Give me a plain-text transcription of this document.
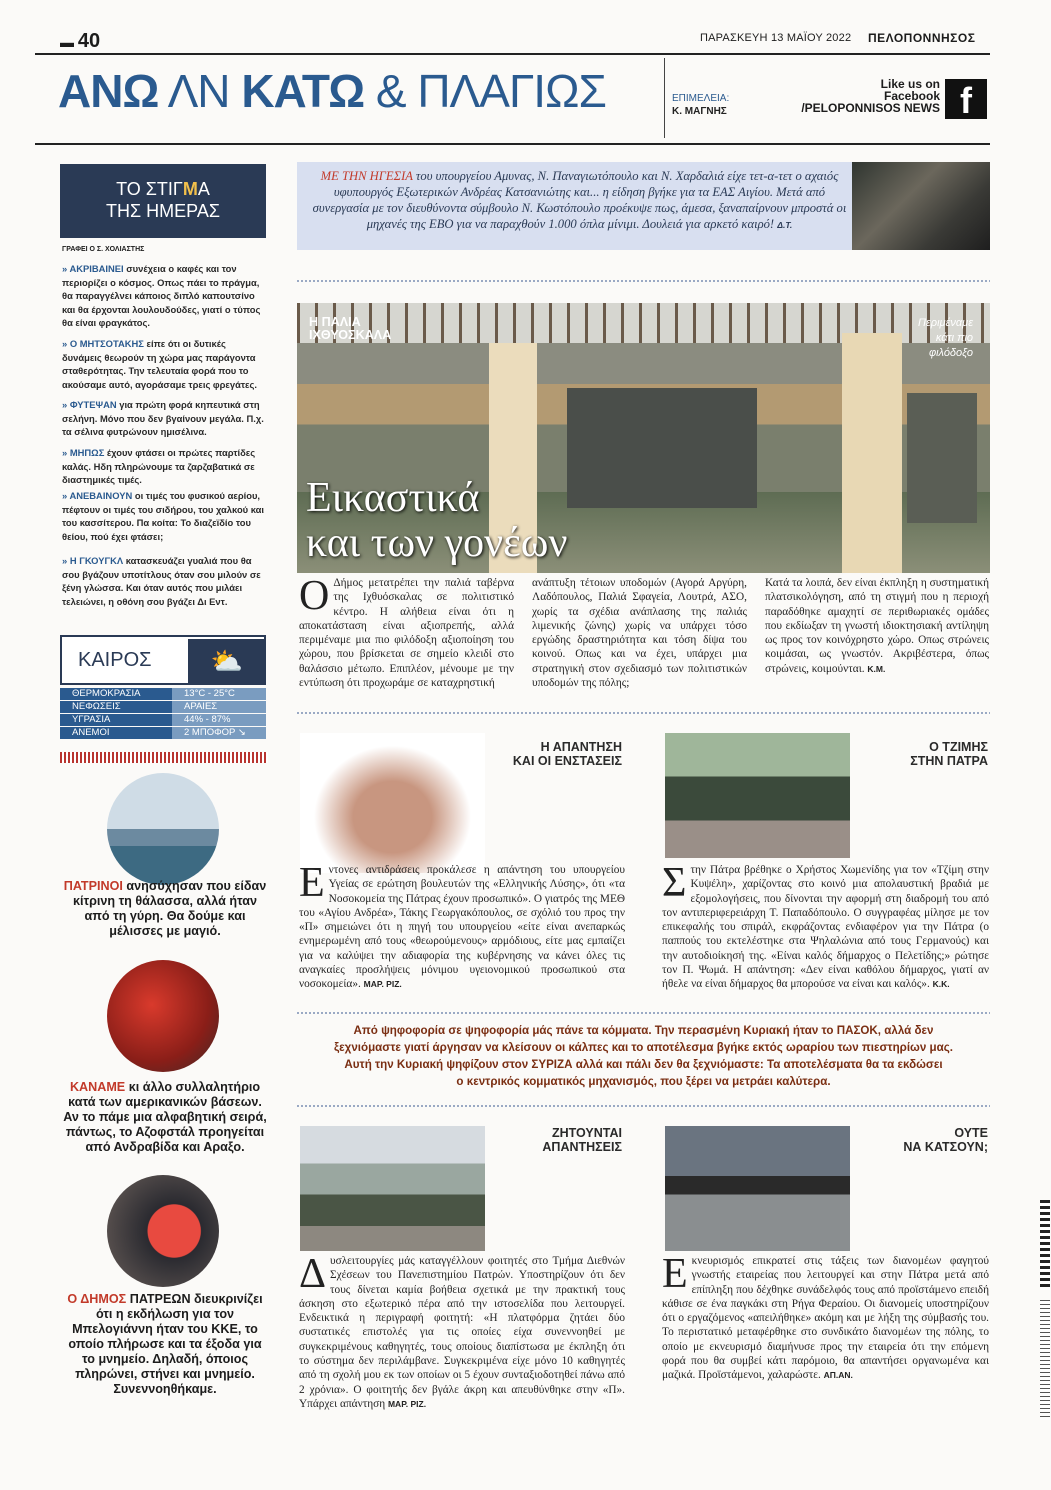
▬ 40	ΠΑΡΑΣΚΕΥΗ 13 ΜΑΪΟΥ 2022 ΠΕΛΟΠΟΝΝΗΣΟΣ
ΑΝΩ ΛΝ ΚΑΤΩ & ΠΛΑΓΙΩΣ	ΕΠΙΜΕΛΕΙΑ:
Κ. ΜΑΓΝΗΣ
Like us on
Facebook
/PELOPONNISOS NEWS f
ΤΟ ΣΤΙΓΜΑ
ΤΗΣ ΗΜΕΡΑΣ
ΓΡΑΦΕΙ Ο Σ. ΧΟΛΙΑΣΤΗΣ
» ΑΚΡΙΒΑΙΝΕΙ συνέχεια ο καφές και τον περιορίζει ο κόσμος. Οπως πάει το πράγμα, θα παραγγέλνει κάποιος διπλό καπουτσίνο και θα έρχονται λουλουδούδες, γιατί ο τύπος θα είναι φραγκάτος.
» Ο ΜΗΤΣΟΤΑΚΗΣ είπε ότι οι δυτικές δυνάμεις θεωρούν τη χώρα μας παράγοντα σταθερότητας. Την τελευταία φορά που το ακούσαμε αυτό, αγοράσαμε τρεις φρεγάτες.
» ΦΥΤΕΨΑΝ για πρώτη φορά κηπευτικά στη σελήνη. Μόνο που δεν βγαίνουν μεγάλα. Π.χ. τα σέλινα φυτρώνουν ημισέλινα.
» ΜΗΠΩΣ έχουν φτάσει οι πρώτες παρτίδες καλάς. Ηδη πληρώνουμε τα ζαρζαβατικά σε διαστημικές τιμές.
» ΑΝΕΒΑΙΝΟΥΝ οι τιμές του φυσικού αερίου, πέφτουν οι τιμές του σιδήρου, του χαλκού και του κασσίτερου. Πα κοίτα: Το διαζεϊδίο του θείου, πού έχει φτάσει;
» Η ΓΚΟΥΓΚΛ κατασκευάζει γυαλιά που θα σου βγάζουν υποτίτλους όταν σου μιλούν σε ξένη γλώσσα. Και όταν αυτός που μιλάει τελειώνει, η οθόνη σου βγάζει Δι Εντ.
ΚΑΙΡΟΣ	⛅
ΘΕΡΜΟΚΡΑΣΙΑ	13°C - 25°C
ΝΕΦΩΣΕΙΣ	ΑΡΑΙΕΣ
ΥΓΡΑΣΙΑ	44% - 87%
ΑΝΕΜΟΙ	2 ΜΠΟΦΟΡ ↘
ΠΑΤΡΙΝΟΙ ανησύχησαν που είδαν κίτρινη τη θάλασσα, αλλά ήταν από τη γύρη. Θα δούμε και μέλισσες με μαγιό.
ΚΑΝΑΜΕ κι άλλο συλλαλητήριο κατά των αμερικανικών βάσεων. Αν το πάμε μια αλφαβητική σειρά, πάντως, το Αζοφστάλ προηγείται από Ανδραβίδα και Αραξο.
Ο ΔΗΜΟΣ ΠΑΤΡΕΩΝ διευκρινίζει ότι η εκδήλωση για τον Μπελογιάννη ήταν του ΚΚΕ, το οποίο πλήρωσε και τα έξοδα για το μνημείο. Δηλαδή, όποιος πληρώνει, στήνει και μνημείο. Συνεννοηθήκαμε.
ΜΕ ΤΗΝ ΗΓΕΣΙΑ του υπουργείου Αμυνας, Ν. Παναγιωτόπουλο και Ν. Χαρδαλιά είχε τετ-α-τετ ο αχαιός υφυπουργός Εξωτερικών Ανδρέας Κατσανιώτης και... η είδηση βγήκε για τα ΕΑΣ Αιγίου. Μετά από συνεργασία με τον διευθύνοντα σύμβουλο Ν. Κωστόπουλο προέκυψε πως, άμεσα, ξαναπαίρνουν μπροστά οι μηχανές της ΕΒΟ για να παραχθούν 1.000 όπλα μίνιμι. Δουλειά για αρκετό καιρό! Δ.Τ.
Η ΠΑΛΙΑ
ΙΧΘΥΟΣΚΑΛΑ
Περιμέναμε
κάτι πιο
φιλόδοξο
Εικαστικά
και των γονέων
Ο Δήμος μετατρέπει την παλιά ταβέρνα της Ιχθυόσκαλας σε πολιτιστικό κέντρο. Η αλήθεια είναι ότι η αποκατάσταση είναι αξιοπρεπής, αλλά περιμέναμε μια πιο φιλόδοξη αξιοποίηση του χώρου, που βρίσκεται σε σημείο κλειδί στο θαλάσσιο μέτωπο. Επιπλέον, μένουμε με την εντύπωση ότι προχωράμε σε καταχρηστική
ανάπτυξη τέτοιων υποδομών (Αγορά Αργύρη, Λαδόπουλος, Παλιά Σφαγεία, Λουτρά, ΑΣΟ, χωρίς τα σχέδια ανάπλασης της παλιάς λιμενικής ζώνης) χωρίς να υπάρχει τόσο εργώδης δραστηριότητα και τόση δίψα του κοινού. Οπως και να έχει, υπάρχει μια στρατηγική στον σχεδιασμό των πολιτιστικών υποδομών της πόλης;
Κατά τα λοιπά, δεν είναι έκπληξη η συστηματική πλατσικολόγηση, από τη στιγμή που η περιοχή παραδόθηκε αμαχητί σε περιθωριακές ομάδες που εκδίωξαν τη γνωστή ιδιοκτησιακή αντίληψη ως προς τον κοινόχρηστο χώρο. Οπως στρώνεις κοιμάσαι, ως γνωστόν. Ακριβέστερα, όπως στρώνεις, κοιμούνται. Κ.Μ.
Η ΑΠΑΝΤΗΣΗ
ΚΑΙ ΟΙ ΕΝΣΤΑΣΕΙΣ
Εντονες αντιδράσεις προκάλεσε η απάντηση του υπουργείου Υγείας σε ερώτηση βουλευτών της «Ελληνικής Λύσης», ότι «τα Νοσοκομεία της Πάτρας έχουν προσωπικό». Ο γιατρός της ΜΕΘ του «Αγίου Ανδρέα», Τάκης Γεωργακόπουλος, σε σχόλιό του προς την «Π» σημειώνει ότι η πηγή του υπουργείου «είτε είναι ανεπαρκώς ενημερωμένη από τους «θεωρούμενους» αρμόδιους, είτε μας εμπαίζει για να καλύψει την αδιαφορία της κυβέρνησης να κάνει όλες τις αναγκαίες προσλήψεις μόνιμου υγειονομικού προσωπικού στα νοσοκομεία». ΜΑΡ. ΡΙΖ.
Ο ΤΖΙΜΗΣ
ΣΤΗΝ ΠΑΤΡΑ
Στην Πάτρα βρέθηκε ο Χρήστος Χωμενίδης για τον «Τζίμη στην Κυψέλη», χαρίζοντας στο κοινό μια απολαυστική βραδιά με εξομολογήσεις, που δίνονται την αφορμή στη διαδρομή του από τον αντιπεριφερειάρχη Τ. Παπαδόπουλο. Ο συγγραφέας μίλησε με τον επικεφαλής του σπιράλ, εκφράζοντας ενδιαφέρον για την Πάτρα (ο παππούς του εκτελέστηκε στα Ψηλαλώνια από τους Γερμανούς) και την αυτοδιοίκησή της. «Είναι καλός δήμαρχος ο Πελετίδης;» ρώτησε τον Π. Ψωμά. Η απάντηση: «Δεν είναι καθόλου δήμαρχος, γιατί αν ήθελε να είναι δήμαρχος θα μπορούσε να είναι και καλός». Κ.Κ.
Από ψηφοφορία σε ψηφοφορία μάς πάνε τα κόμματα. Την περασμένη Κυριακή ήταν το ΠΑΣΟΚ, αλλά δεν
ξεχνιόμαστε γιατί άργησαν να κλείσουν οι κάλπες και το αποτέλεσμα βγήκε εκτός ωραρίου των πιεστηρίων μας.
Αυτή την Κυριακή ψηφίζουν στον ΣΥΡΙΖΑ αλλά και πάλι δεν θα ξεχνιόμαστε: Τα αποτελέσματα θα τα εκδώσει
ο κεντρικός κομματικός μηχανισμός, που ξέρει να μετράει καλύτερα.
ΖΗΤΟΥΝΤΑΙ
ΑΠΑΝΤΗΣΕΙΣ
Δυσλειτουργίες μάς καταγγέλλουν φοιτητές στο Τμήμα Διεθνών Σχέσεων του Πανεπιστημίου Πατρών. Υποστηρίζουν ότι δεν τους δίνεται καμία βοήθεια σχετικά με την πρακτική τους άσκηση στο εξωτερικό πέρα από την ιστοσελίδα που λειτουργεί. Ενδεικτικά η περιγραφή φοιτητή: «Η πλατφόρμα ζητάει δύο συστατικές επιστολές για τις οποίες είχα συνεννοηθεί με συγκεκριμένους καθηγητές, τους οποίους διαπίστωσα με έκπληξη ότι το σύστημα δεν περιλάμβανε. Συγκεκριμένα είχε μόνο 10 καθηγητές από τη σχολή μου εκ των οποίων οι 5 έχουν συνταξιοδοτηθεί πάνω από 2 χρόνια». Ο φοιτητής δεν βγάλε άκρη και απευθύνθηκε στην «Π». Υπάρχει απάντηση ΜΑΡ. ΡΙΖ.
ΟΥΤΕ
ΝΑ ΚΑΤΣΟΥΝ;
Εκνευρισμός επικρατεί στις τάξεις των διανομέων φαγητού γνωστής εταιρείας που λειτουργεί και στην Πάτρα μετά από επίπληξη που δέχθηκε συνάδελφός τους από προϊστάμενο επειδή κάθισε σε ένα παγκάκι στη Ρήγα Φεραίου. Οι διανομείς υποστηρίζουν ότι ο εργαζόμενος «απειλήθηκε» ακόμη και με λήξη της σύμβασής του. Το περιστατικό μεταφέρθηκε στο συνδικάτο διανομέων της πόλης, το οποίο με εκνευρισμό διαμήνυσε προς την εταιρεία ότι την επόμενη φορά που θα συμβεί κάτι παρόμοιο, θα απαντήσει οργανωμένα και μαζικά. Προϊστάμενοι, χαλαρώστε. ΑΠ.ΑΝ.
